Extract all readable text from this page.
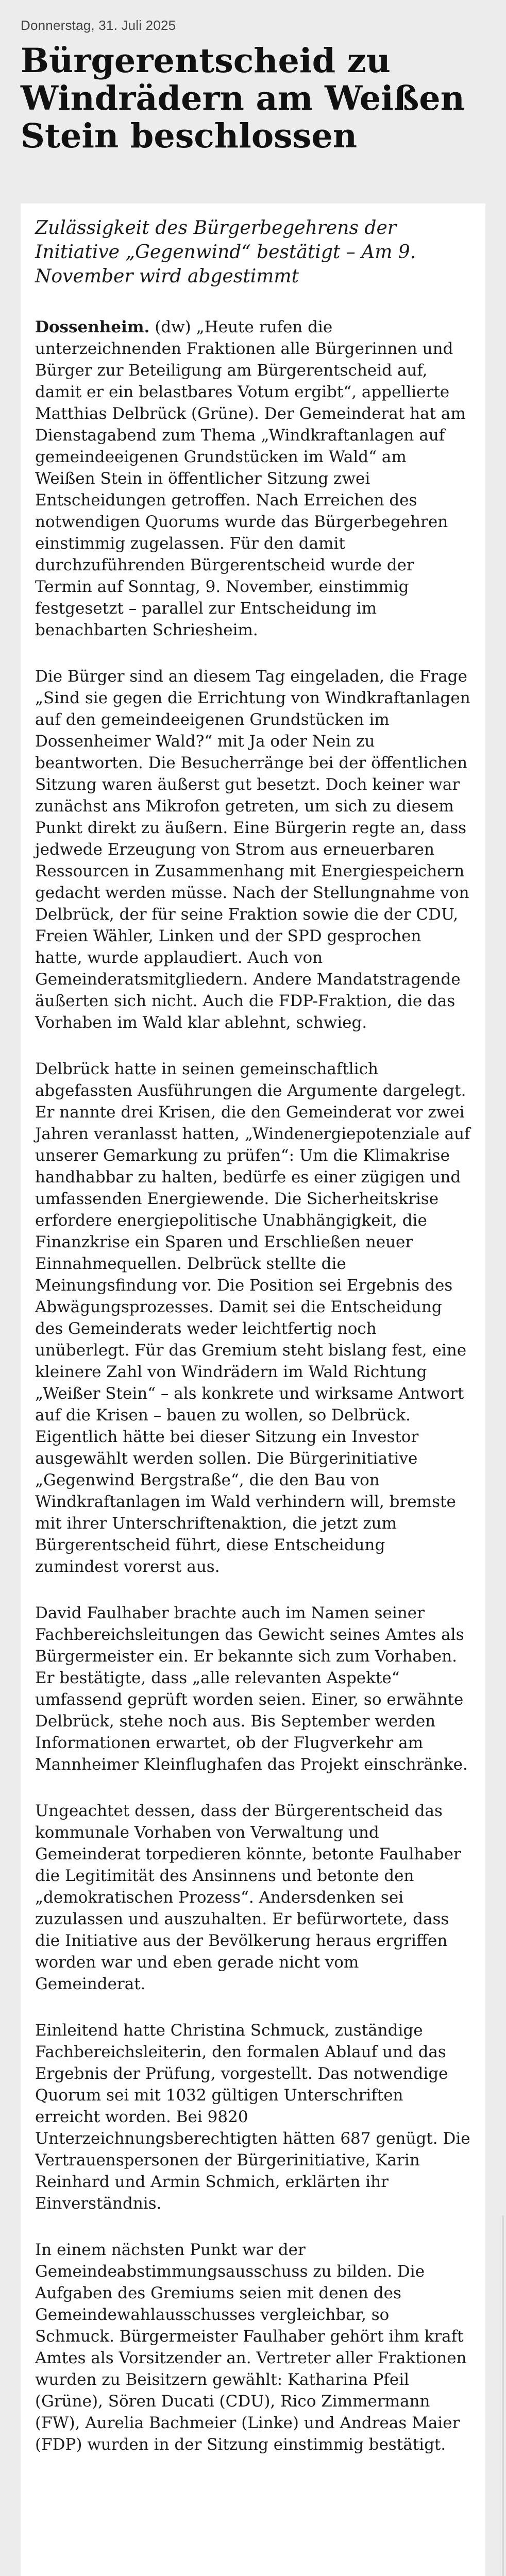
Donnerstag, 31. Juli 2025
Bürgerentscheid zu Windrädern am Weißen Stein beschlossen

Zulässigkeit des Bürgerbegehrens der Initiative „Gegenwind“ bestätigt – Am 9. November wird abgestimmt

Dossenheim. (dw) „Heute rufen die unterzeichnenden Fraktionen alle Bürgerinnen und Bürger zur Beteiligung am Bürgerentscheid auf, damit er ein belastbares Votum ergibt“, appellierte Matthias Delbrück (Grüne). Der Gemeinderat hat am Dienstagabend zum Thema „Windkraftanlagen auf gemeindeeigenen Grundstücken im Wald“ am Weißen Stein in öffentlicher Sitzung zwei Entscheidungen getroffen. Nach Erreichen des notwendigen Quorums wurde das Bürgerbegehren einstimmig zugelassen. Für den damit durchzuführenden Bürgerentscheid wurde der Termin auf Sonntag, 9. November, einstimmig festgesetzt – parallel zur Entscheidung im benachbarten Schriesheim.

Die Bürger sind an diesem Tag eingeladen, die Frage „Sind sie gegen die Errichtung von Windkraftanlagen auf den gemeindeeigenen Grundstücken im Dossenheimer Wald?“ mit Ja oder Nein zu beantworten. Die Besucherränge bei der öffentlichen Sitzung waren äußerst gut besetzt. Doch keiner war zunächst ans Mikrofon getreten, um sich zu diesem Punkt direkt zu äußern. Eine Bürgerin regte an, dass jedwede Erzeugung von Strom aus erneuerbaren Ressourcen in Zusammenhang mit Energiespeichern gedacht werden müsse. Nach der Stellungnahme von Delbrück, der für seine Fraktion sowie die der CDU, Freien Wähler, Linken und der SPD gesprochen hatte, wurde applaudiert. Auch von Gemeinderatsmitgliedern. Andere Mandatstragende äußerten sich nicht. Auch die FDP-Fraktion, die das Vorhaben im Wald klar ablehnt, schwieg.

Delbrück hatte in seinen gemeinschaftlich abgefassten Ausführungen die Argumente dargelegt. Er nannte drei Krisen, die den Gemeinderat vor zwei Jahren veranlasst hatten, „Windenergiepotenziale auf unserer Gemarkung zu prüfen“: Um die Klimakrise handhabbar zu halten, bedürfe es einer zügigen und umfassenden Energiewende. Die Sicherheitskrise erfordere energiepolitische Unabhängigkeit, die Finanzkrise ein Sparen und Erschließen neuer Einnahmequellen. Delbrück stellte die Meinungsfindung vor. Die Position sei Ergebnis des Abwägungsprozesses. Damit sei die Entscheidung des Gemeinderats weder leichtfertig noch unüberlegt. Für das Gremium steht bislang fest, eine kleinere Zahl von Windrädern im Wald Richtung „Weißer Stein“ – als konkrete und wirksame Antwort auf die Krisen – bauen zu wollen, so Delbrück. Eigentlich hätte bei dieser Sitzung ein Investor ausgewählt werden sollen. Die Bürgerinitiative „Gegenwind Bergstraße“, die den Bau von Windkraftanlagen im Wald verhindern will, bremste mit ihrer Unterschriftenaktion, die jetzt zum Bürgerentscheid führt, diese Entscheidung zumindest vorerst aus.

David Faulhaber brachte auch im Namen seiner Fachbereichsleitungen das Gewicht seines Amtes als Bürgermeister ein. Er bekannte sich zum Vorhaben. Er bestätigte, dass „alle relevanten Aspekte“ umfassend geprüft worden seien. Einer, so erwähnte Delbrück, stehe noch aus. Bis September werden Informationen erwartet, ob der Flugverkehr am Mannheimer Kleinflughafen das Projekt einschränke.

Ungeachtet dessen, dass der Bürgerentscheid das kommunale Vorhaben von Verwaltung und Gemeinderat torpedieren könnte, betonte Faulhaber die Legitimität des Ansinnens und betonte den „demokratischen Prozess“. Andersdenken sei zuzulassen und auszuhalten. Er befürwortete, dass die Initiative aus der Bevölkerung heraus ergriffen worden war und eben gerade nicht vom Gemeinderat.

Einleitend hatte Christina Schmuck, zuständige Fachbereichsleiterin, den formalen Ablauf und das Ergebnis der Prüfung, vorgestellt. Das notwendige Quorum sei mit 1032 gültigen Unterschriften erreicht worden. Bei 9820 Unterzeichnungsberechtigten hätten 687 genügt. Die Vertrauenspersonen der Bürgerinitiative, Karin Reinhard und Armin Schmich, erklärten ihr Einverständnis.

In einem nächsten Punkt war der Gemeindeabstimmungsausschuss zu bilden. Die Aufgaben des Gremiums seien mit denen des Gemeindewahlausschusses vergleichbar, so Schmuck. Bürgermeister Faulhaber gehört ihm kraft Amtes als Vorsitzender an. Vertreter aller Fraktionen wurden zu Beisitzern gewählt: Katharina Pfeil (Grüne), Sören Ducati (CDU), Rico Zimmermann (FW), Aurelia Bachmeier (Linke) und Andreas Maier (FDP) wurden in der Sitzung einstimmig bestätigt.
